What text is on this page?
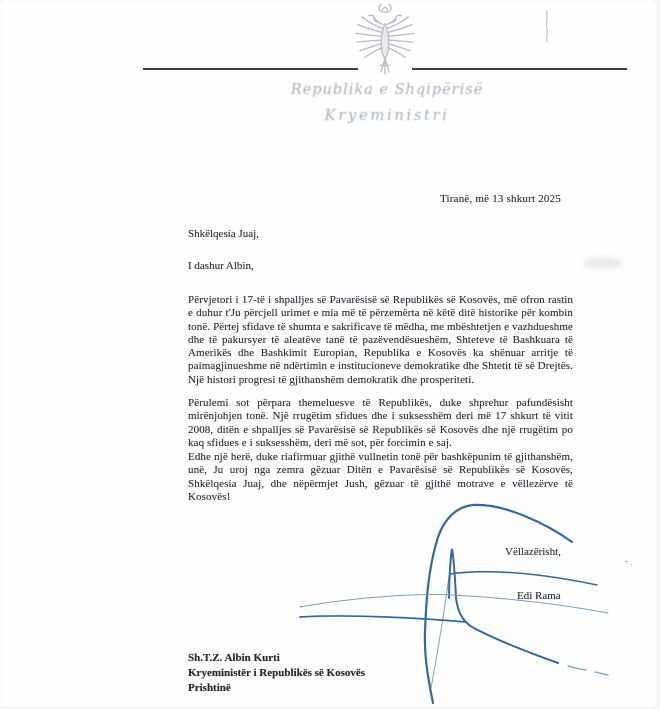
Republika e Shqipërisë
Kryeministri
Tiranë, më 13 shkurt 2025
Shkëlqesia Juaj,
I dashur Albin,

Përvjetori i 17-të i shpalljes së Pavarësisë së Republikës së Kosovës, më ofron rastin e duhur t'Ju përcjell urimet e mia më të përzemërta në këtë ditë historike për kombin tonë. Përtej sfidave të shumta e sakrificave të mëdha, me mbështetjen e vazhdueshme dhe të pakursyer të aleatëve tanë të pazëvendësueshëm, Shteteve të Bashkuara të Amerikës dhe Bashkimit Europian, Republika e Kosovës ka shënuar arritje të paimagjinueshme në ndërtimin e institucioneve demokratike dhe Shtetit të së Drejtës. Një histori progresi të gjithanshëm demokratik dhe prosperiteti.

Përulemi sot përpara themeluesve të Republikës, duke shprehur pafundësisht mirënjohjen tonë. Një rrugëtim sfidues dhe i suksesshëm deri më 17 shkurt të vitit 2008, ditën e shpalljes së Pavarësisë së Republikës së Kosovës dhe një rrugëtim po kaq sfidues e i suksesshëm, deri më sot, për forcimin e saj.

Edhe një herë, duke riafirmuar gjithë vullnetin tonë për bashkëpunim të gjithanshëm, unë, Ju uroj nga zemra gëzuar Ditën e Pavarësisë së Republikës së Kosovës, Shkëlqesia Juaj, dhe nëpërmjet Jush, gëzuar të gjithë motrave e vëllezërve të Kosovës!

Vëllazërisht,
Edi Rama
Sh.T.Z. Albin Kurti
Kryeministër i Republikës së Kosovës
Prishtinë
+.
